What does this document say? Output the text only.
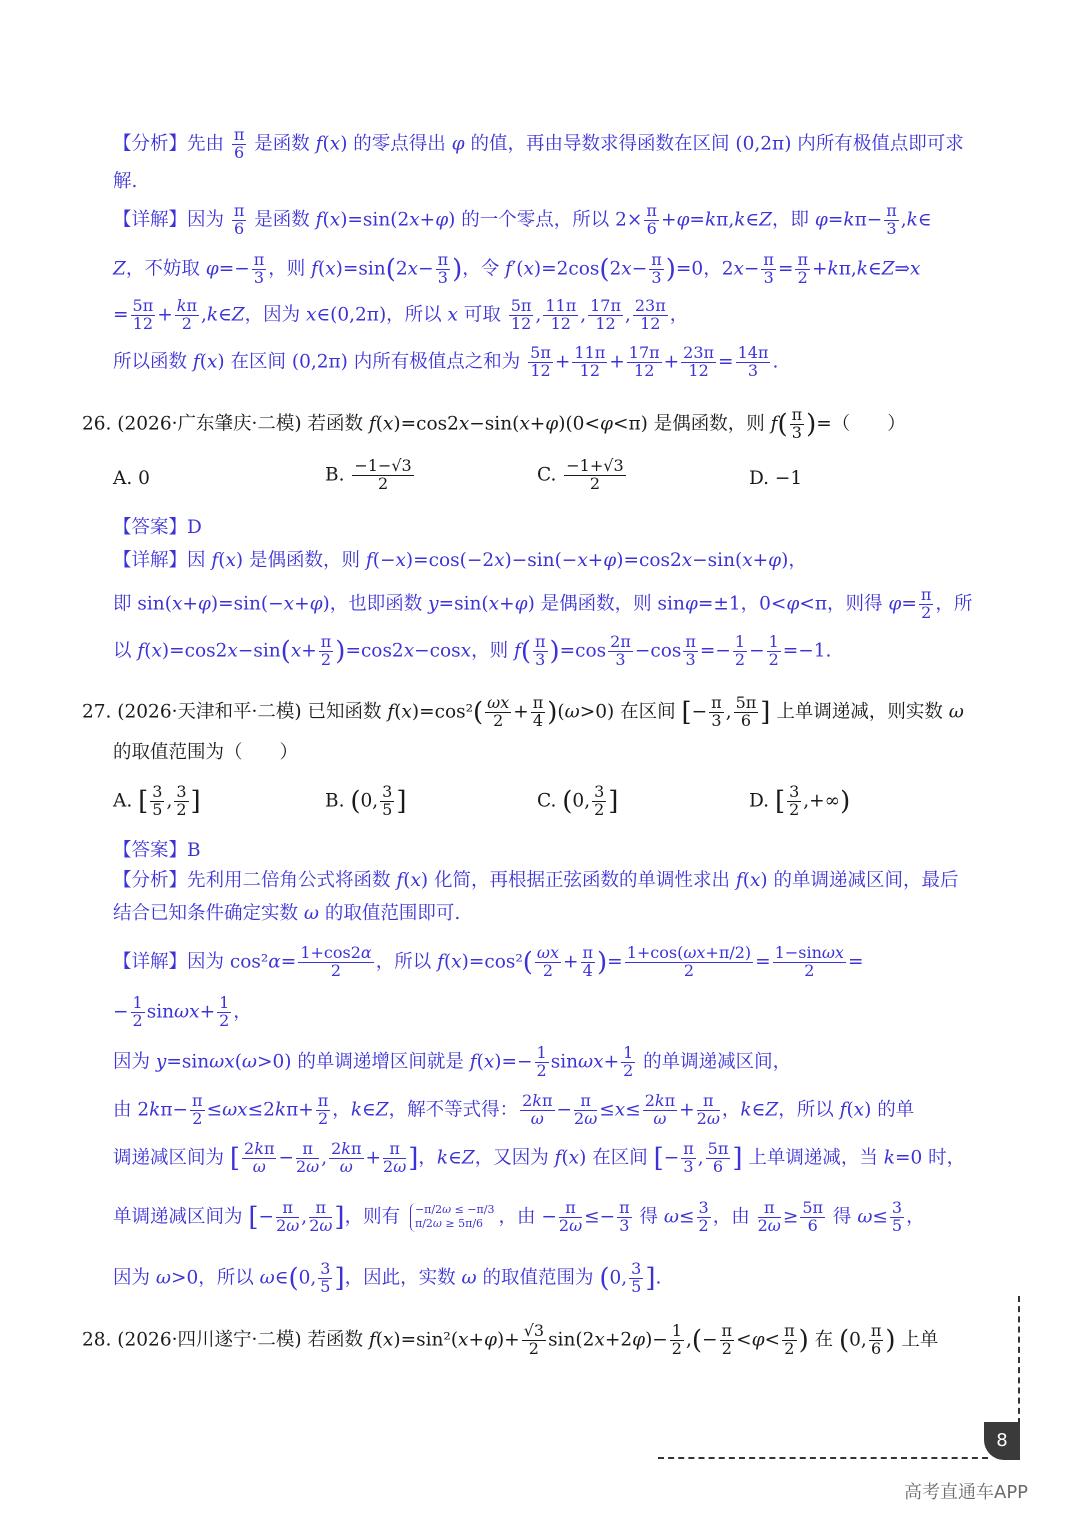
【分析】先由 $\frac{\pi}{6}$ 是函数 f(x) 的零点得出 φ 的值，再由导数求得函数在区间 (0,2π) 内所有极值点即可求
解.
【详解】因为 $\frac{\pi}{6}$ 是函数 f(x)=sin(2x+φ) 的一个零点，所以 $2\times \frac{\pi}{6}$ +φ=kπ,k∈Z，即 $\varphi=k\pi- \frac{\pi}{3}$ ,k∈
Z，不妨取 $\varphi=- \frac{\pi}{3}$ ，则 $f(x)=\sin(2x- \frac{\pi}{3}$ )，令 $f'(x)=2\cos(2x- \frac{\pi}{3} )=0$，$2x- \frac{\pi}{3} = \frac{\pi}{2}$ +kπ,k∈Z⇒x
= $\frac{5\pi}{12} + \frac{k\pi}{2}$ ,k∈Z，因为 x∈(0,2π)，所以 x 可取 $\frac{5\pi}{12}$ , $\frac{11\pi}{12}$ , $\frac{17\pi}{12}$ , $\frac{23\pi}{12}$ ，
所以函数 f(x) 在区间 (0,2π) 内所有极值点之和为 $\frac{5\pi}{12} + \frac{11\pi}{12} + \frac{17\pi}{12} + \frac{23\pi}{12} = \frac{14\pi}{3}$ .
26. (2026·广东肇庆·二模) 若函数 f(x)=cos2x−sin(x+φ)(0<φ<π) 是偶函数，则 $f( \frac{\pi}{3}$ )=（　　）
A. 0	B. $\frac{-1-√3}{2}$	C. $\frac{-1+√3}{2}$	D. −1
【答案】D
【详解】因 f(x) 是偶函数，则 f(−x)=cos(−2x)−sin(−x+φ)=cos2x−sin(x+φ)，
即 sin(x+φ)=sin(−x+φ)，也即函数 y=sin(x+φ) 是偶函数，则 sinφ=±1，0<φ<π，则得 $\varphi= \frac{\pi}{2}$ ，所
以 $f(x)=\cos 2x-\sin(x+ \frac{\pi}{2} )=\cos 2x-\cos x$，则 $f( \frac{\pi}{3} )=\cos \frac{2\pi}{3} -\cos \frac{\pi}{3} =- \frac{1}{2} - \frac{1}{2} =-1$.
27. (2026·天津和平·二模) 已知函数 $f(x)=\cos^2( \frac{\omega x}{2} + \frac{\pi}{4} )(\omega>0)$ 在区间 [− $\frac{\pi}{3}$ , $\frac{5\pi}{6}$ ] 上单调递减，则实数 ω
的取值范围为（　　）
A. [ $\frac{3}{5}$ , $\frac{3}{2}$ ]	B. (0, $\frac{3}{5}$ ]	C. (0, $\frac{3}{2}$ ]	D. [ $\frac{3}{2}$ ,+∞)
【答案】B
【分析】先利用二倍角公式将函数 f(x) 化简，再根据正弦函数的单调性求出 f(x) 的单调递减区间，最后
结合已知条件确定实数 ω 的取值范围即可.
【详解】因为 $\cos^2\alpha= \frac{1+\cos 2\alpha}{2}$ ，所以 $f(x)=\cos^2( \frac{\omega x}{2} + \frac{\pi}{4}$ )= $\frac{1+\cos(\omega x+\pi/2)}{2} = \frac{1-\sin\omega x}{2}$ =
− $\frac{1}{2} \sin\omega x+ \frac{1}{2}$ ，
因为 y=sinωx(ω>0) 的单调递增区间就是 $f(x)=- \frac{1}{2} \sin\omega x+ \frac{1}{2}$ 的单调递减区间，
由 $2k\pi- \frac{\pi}{2} \le\omega x\le 2k\pi+ \frac{\pi}{2}$ ，k∈Z，解不等式得： $\frac{2k\pi}{\omega} - \frac{\pi}{2\omega} \le x\le \frac{2k\pi}{\omega} + \frac{\pi}{2\omega}$ ，k∈Z，所以 f(x) 的单
调递减区间为 [ $\frac{2k\pi}{\omega} - \frac{\pi}{2\omega}$ , $\frac{2k\pi}{\omega} + \frac{\pi}{2\omega}$ ]，k∈Z，又因为 f(x) 在区间 [− $\frac{\pi}{3}$ , $\frac{5\pi}{6}$ ] 上单调递减，当 k=0 时，
单调递减区间为 [− $\frac{\pi}{2\omega}$ , $\frac{\pi}{2\omega}$ ]，则有 −π/2ω ≤ −π/3
π/2ω ≥ 5π/6 ，由 − $\frac{\pi}{2\omega} \le- \frac{\pi}{3}$ 得 $\omega\le \frac{3}{2}$ ，由 $\frac{\pi}{2\omega} \ge \frac{5\pi}{6}$ 得 $\omega\le \frac{3}{5}$ ，
因为 ω>0，所以 ω∈(0, $\frac{3}{5}$ ]，因此，实数 ω 的取值范围为 (0, $\frac{3}{5}$ ].
28. (2026·四川遂宁·二模) 若函数 $f(x)=\sin^2(x+\varphi)+ \frac{√3}{2} \sin(2x+2\varphi)- \frac{1}{2}$ ,(− $\frac{\pi}{2} <\varphi< \frac{\pi}{2}$ ) 在 (0, $\frac{\pi}{6}$ ) 上单
8
高考直通车APP
